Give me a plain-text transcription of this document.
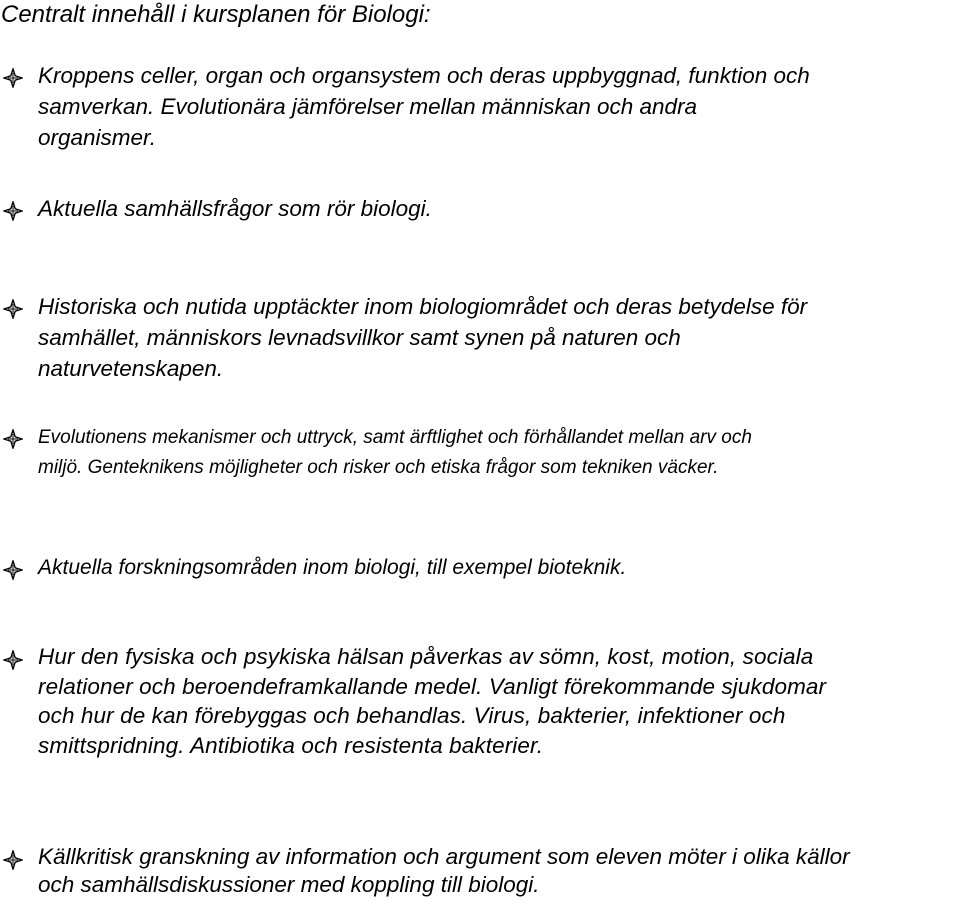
Centralt innehåll i kursplanen för Biologi:
Kroppens celler, organ och organsystem och deras uppbyggnad, funktion och
samverkan. Evolutionära jämförelser mellan människan och andra
organismer.
Aktuella samhällsfrågor som rör biologi.
Historiska och nutida upptäckter inom biologiområdet och deras betydelse för
samhället, människors levnadsvillkor samt synen på naturen och
naturvetenskapen.
Evolutionens mekanismer och uttryck, samt ärftlighet och förhållandet mellan arv och
miljö. Genteknikens möjligheter och risker och etiska frågor som tekniken väcker.
Aktuella forskningsområden inom biologi, till exempel bioteknik.
Hur den fysiska och psykiska hälsan påverkas av sömn, kost, motion, sociala
relationer och beroendeframkallande medel. Vanligt förekommande sjukdomar
och hur de kan förebyggas och behandlas. Virus, bakterier, infektioner och
smittspridning. Antibiotika och resistenta bakterier.
Källkritisk granskning av information och argument som eleven möter i olika källor
och samhällsdiskussioner med koppling till biologi.
